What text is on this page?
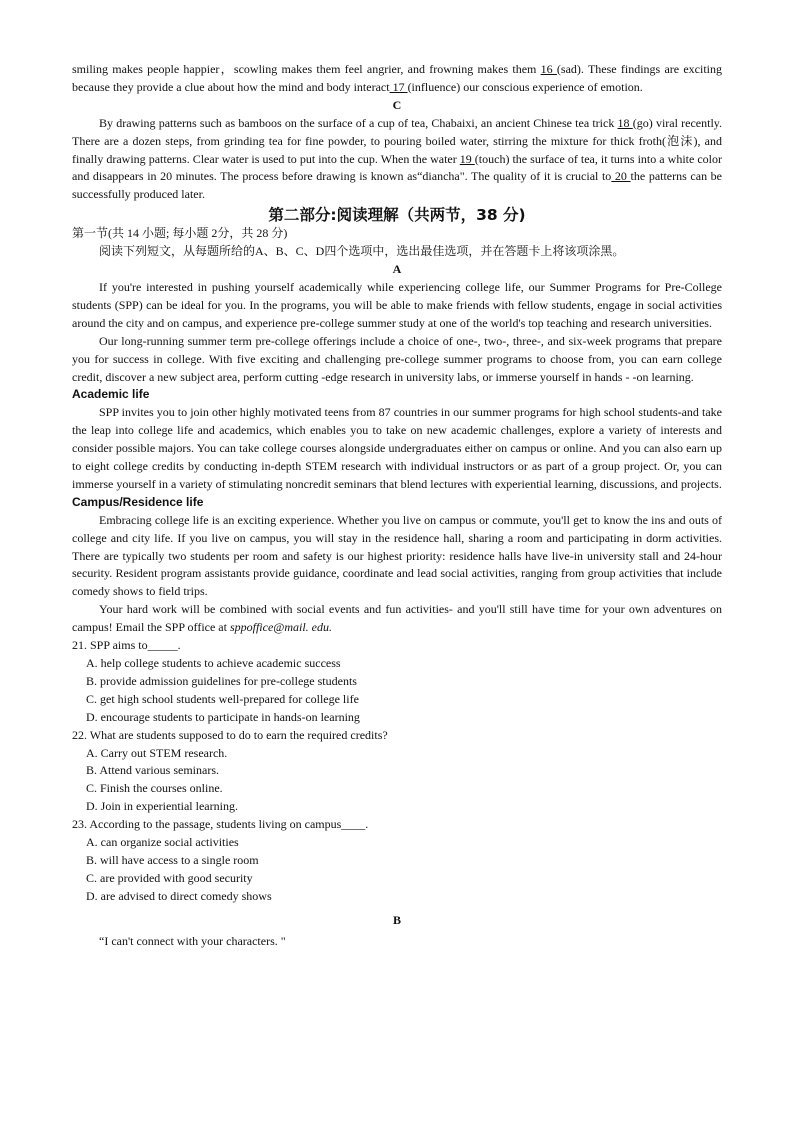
smiling makes people happier，scowling makes them feel angrier, and frowning makes them 16 (sad). These findings are exciting because they provide a clue about how the mind and body interact 17 (influence) our conscious experience of emotion.

C

By drawing patterns such as bamboos on the surface of a cup of tea, Chabaixi, an ancient Chinese tea trick 18 (go) viral recently. There are a dozen steps, from grinding tea for fine powder, to pouring boiled water, stirring the mixture for thick froth(泡沫), and finally drawing patterns. Clear water is used to put into the cup. When the water 19 (touch) the surface of tea, it turns into a white color and disappears in 20 minutes. The process before drawing is known as“diancha". The quality of it is crucial to 20 the patterns can be successfully produced later.

第二部分:阅读理解（共两节，38 分)

第一节(共 14 小题; 每小题 2分，共 28 分)

阅读下列短文，从每题所给的A、B、C、D四个选项中，选出最佳选项，并在答题卡上将该项涂黑。

A

If you're interested in pushing yourself academically while experiencing college life, our Summer Programs for Pre-College students (SPP) can be ideal for you. In the programs, you will be able to make friends with fellow students, engage in social activities around the city and on campus, and experience pre-college summer study at one of the world's top teaching and research universities.

Our long-running summer term pre-college offerings include a choice of one-, two-, three-, and six-week programs that prepare you for success in college. With five exciting and challenging pre-college summer programs to choose from, you can earn college credit, discover a new subject area, perform cutting -edge research in university labs, or immerse yourself in hands - -on learning.

Academic life

SPP invites you to join other highly motivated teens from 87 countries in our summer programs for high school students-and take the leap into college life and academics, which enables you to take on new academic challenges, explore a variety of interests and consider possible majors. You can take college courses alongside undergraduates either on campus or online. And you can also earn up to eight college credits by conducting in-depth STEM research with individual instructors or as part of a group project. Or, you can immerse yourself in a variety of stimulating noncredit seminars that blend lectures with experiential learning, discussions, and projects.

Campus/Residence life

Embracing college life is an exciting experience. Whether you live on campus or commute, you'll get to know the ins and outs of college and city life. If you live on campus, you will stay in the residence hall, sharing a room and participating in dorm activities. There are typically two students per room and safety is our highest priority: residence halls have live-in university stall and 24-hour security. Resident program assistants provide guidance, coordinate and lead social activities, ranging from group activities that include comedy shows to field trips.

Your hard work will be combined with social events and fun activities- and you'll still have time for your own adventures on campus! Email the SPP office at sppoffice@mail. edu.

21. SPP aims to_____.

A. help college students to achieve academic success

B. provide admission guidelines for pre-college students

C. get high school students well-prepared for college life

D. encourage students to participate in hands-on learning

22. What are students supposed to do to earn the required credits?

A. Carry out STEM research.

B. Attend various seminars.

C. Finish the courses online.

D. Join in experiential learning.

23. According to the passage, students living on campus____.

A. can organize social activities

B. will have access to a single room

C. are provided with good security

D. are advised to direct comedy shows

B

“I can't connect with your characters. "
